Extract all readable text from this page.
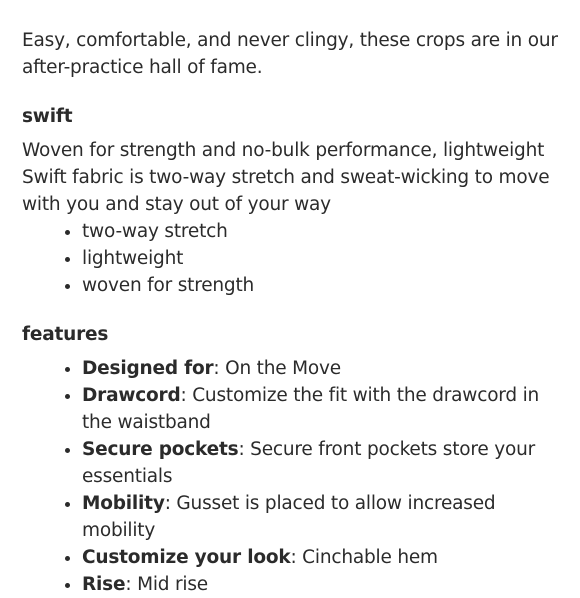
Easy, comfortable, and never clingy, these crops are in our after-practice hall of fame.

swift

Woven for strength and no-bulk performance, lightweight Swift fabric is two-way stretch and sweat-wicking to move with you and stay out of your way

• two-way stretch
• lightweight
• woven for strength
features
• Designed for: On the Move
• Drawcord: Customize the fit with the drawcord in the waistband
• Secure pockets: Secure front pockets store your essentials
• Mobility: Gusset is placed to allow increased mobility
• Customize your look: Cinchable hem
• Rise: Mid rise
